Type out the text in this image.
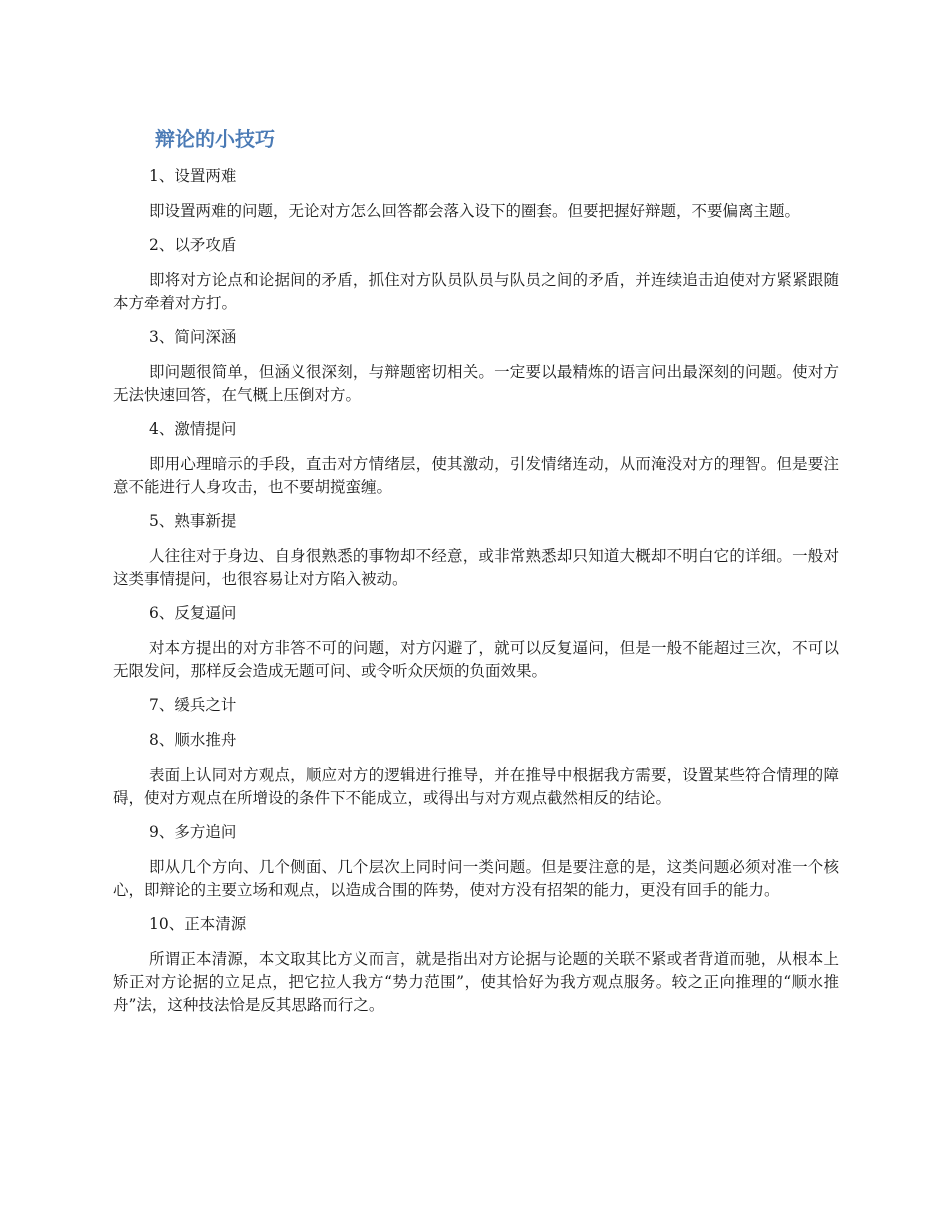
辩论的小技巧

1、设置两难

即设置两难的问题，无论对方怎么回答都会落入设下的圈套。但要把握好辩题，不要偏离主题。

2、以矛攻盾

即将对方论点和论据间的矛盾，抓住对方队员队员与队员之间的矛盾，并连续追击迫使对方紧紧跟随本方牵着对方打。

3、简问深涵

即问题很简单，但涵义很深刻，与辩题密切相关。一定要以最精炼的语言问出最深刻的问题。使对方无法快速回答，在气概上压倒对方。

4、激情提问

即用心理暗示的手段，直击对方情绪层，使其激动，引发情绪连动，从而淹没对方的理智。但是要注意不能进行人身攻击，也不要胡搅蛮缠。

5、熟事新提

人往往对于身边、自身很熟悉的事物却不经意，或非常熟悉却只知道大概却不明白它的详细。一般对这类事情提问，也很容易让对方陷入被动。

6、反复逼问

对本方提出的对方非答不可的问题，对方闪避了，就可以反复逼问，但是一般不能超过三次，不可以无限发问，那样反会造成无题可问、或令听众厌烦的负面效果。

7、缓兵之计

8、顺水推舟

表面上认同对方观点，顺应对方的逻辑进行推导，并在推导中根据我方需要，设置某些符合情理的障碍，使对方观点在所增设的条件下不能成立，或得出与对方观点截然相反的结论。

9、多方追问

即从几个方向、几个侧面、几个层次上同时问一类问题。但是要注意的是，这类问题必须对准一个核心，即辩论的主要立场和观点，以造成合围的阵势，使对方没有招架的能力，更没有回手的能力。

10、正本清源

所谓正本清源，本文取其比方义而言，就是指出对方论据与论题的关联不紧或者背道而驰，从根本上矫正对方论据的立足点，把它拉人我方“势力范围”，使其恰好为我方观点服务。较之正向推理的“顺水推舟”法，这种技法恰是反其思路而行之。
